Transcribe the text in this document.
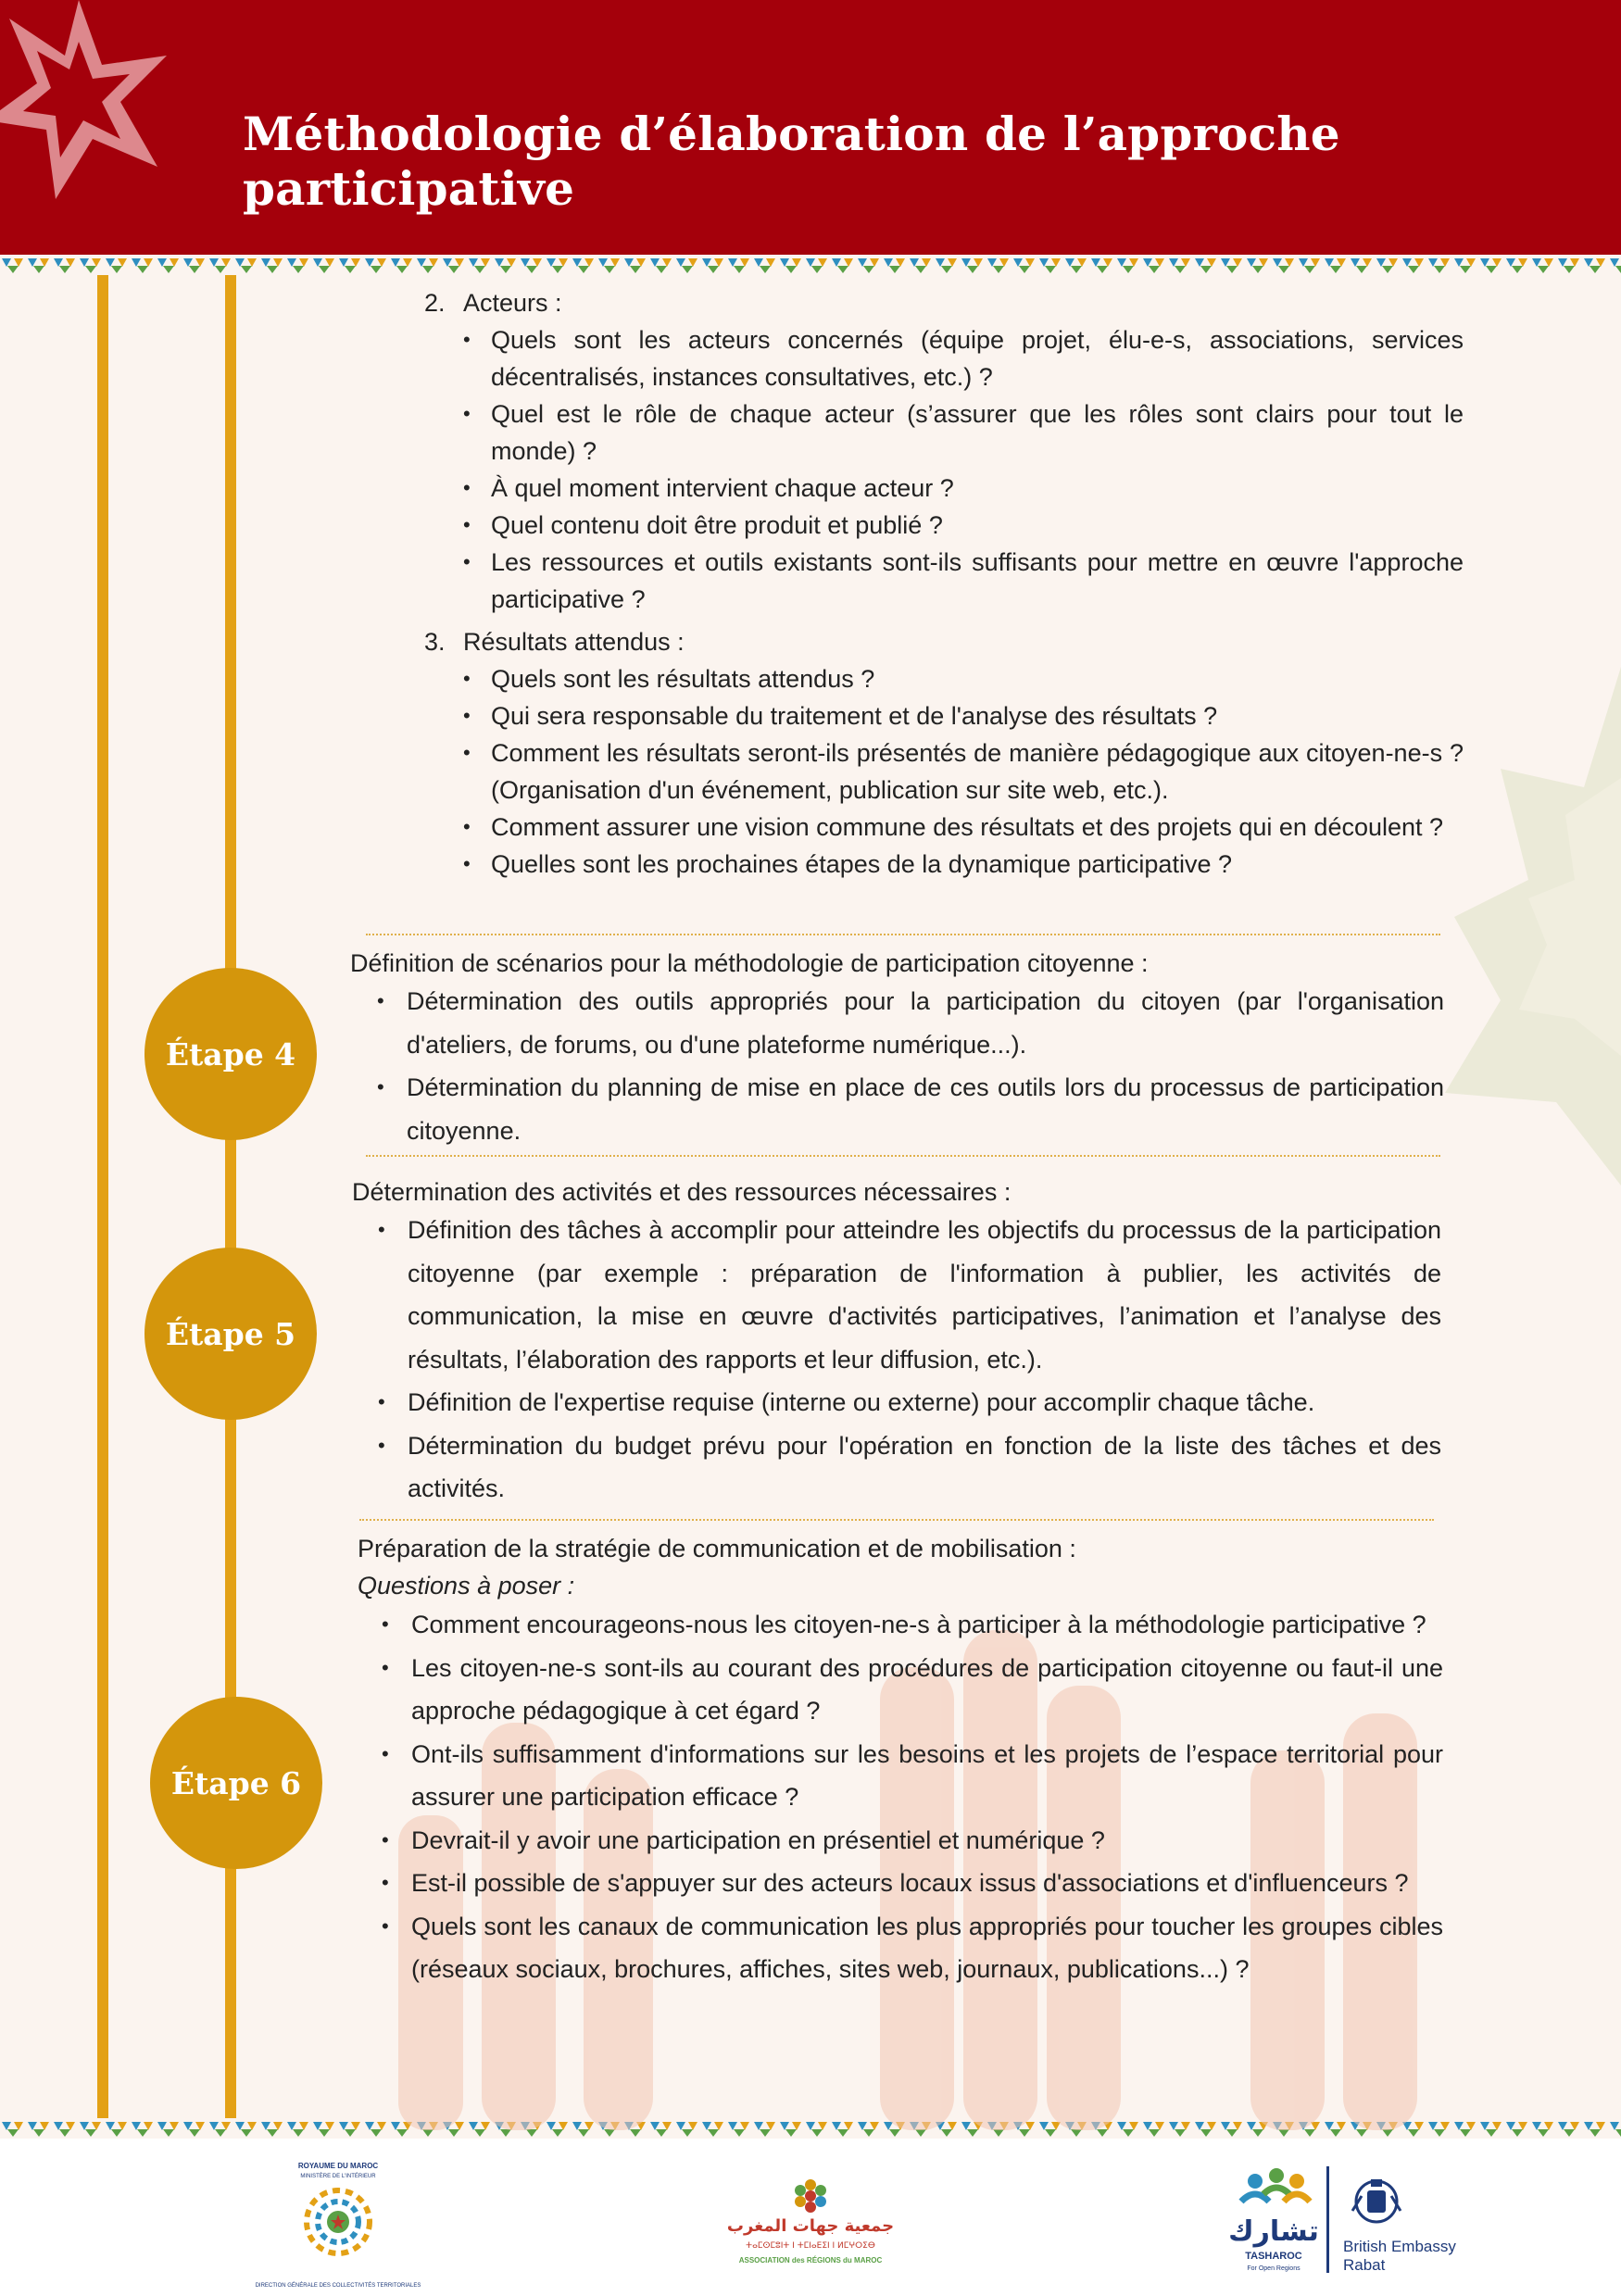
Méthodologie d’élaboration de l’approche participative
Étape 4
Étape 5
Étape 6
2. Acteurs :
• Quels sont les acteurs concernés (équipe projet, élu-e-s, associations, services décentralisés, instances consultatives, etc.) ?
• Quel est le rôle de chaque acteur (s’assurer que les rôles sont clairs pour tout le monde) ?
• À quel moment intervient chaque acteur ?
• Quel contenu doit être produit et publié ?
• Les ressources et outils existants sont-ils suffisants pour mettre en œuvre l'approche participative ?
3. Résultats attendus :
• Quels sont les résultats attendus ?
• Qui sera responsable du traitement et de l'analyse des résultats ?
• Comment les résultats seront-ils présentés de manière pédagogique aux citoyen-ne-s ? (Organisation d'un événement, publication sur site web, etc.).
• Comment assurer une vision commune des résultats et des projets qui en découlent ?
• Quelles sont les prochaines étapes de la dynamique participative ?
Définition de scénarios pour la méthodologie de participation citoyenne :
• Détermination des outils appropriés pour la participation du citoyen (par l'organisation d'ateliers, de forums, ou d'une plateforme numérique...).
• Détermination du planning de mise en place de ces outils lors du processus de participation citoyenne.
Détermination des activités et des ressources nécessaires :
• Définition des tâches à accomplir pour atteindre les objectifs du processus de la participation citoyenne (par exemple : préparation de l'information à publier, les activités de communication, la mise en œuvre d'activités participatives, l’animation et l’analyse des résultats, l’élaboration des rapports et leur diffusion, etc.).
• Définition de l'expertise requise (interne ou externe) pour accomplir chaque tâche.
• Détermination du budget prévu pour l'opération en fonction de la liste des tâches et des activités.
Préparation de la stratégie de communication et de mobilisation :
Questions à poser :
• Comment encourageons-nous les citoyen-ne-s à participer à la méthodologie participative ?
• Les citoyen-ne-s sont-ils au courant des procédures de participation citoyenne ou faut-il une approche pédagogique à cet égard ?
• Ont-ils suffisamment d'informations sur les besoins et les projets de l’espace territorial pour assurer une participation efficace ?
• Devrait-il y avoir une participation en présentiel et numérique ?
• Est-il possible de s'appuyer sur des acteurs locaux issus d'associations et d'influenceurs ?
• Quels sont les canaux de communication les plus appropriés pour toucher les groupes cibles (réseaux sociaux, brochures, affiches, sites web, journaux, publications...) ?
ROYAUME DU MAROC
MINISTÈRE DE L'INTÉRIEUR
DIRECTION GÉNÉRALE DES COLLECTIVITÉS TERRITORIALES
جمعية جهات المغرب
ⵜⴰⵎⵙⵎⵓⵏⵜ ⵏ ⵜⵎⵏⴰⴹⵉⵏ ⵏ ⵍⵎⵖⵔⵉⴱ
ASSOCIATION des RÉGIONS du MAROC
تشارك
TASHAROC
For Open Regions
British Embassy
Rabat
